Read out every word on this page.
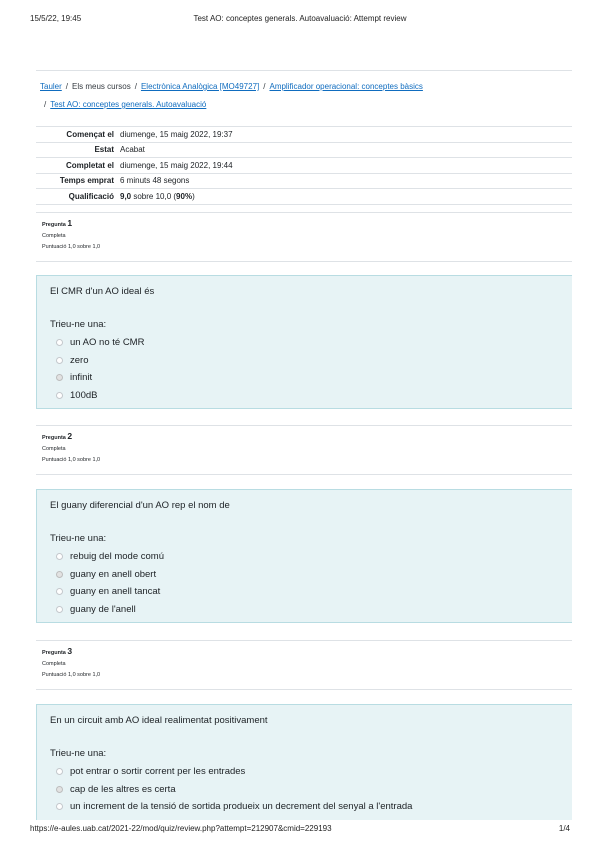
15/5/22, 19:45	Test AO: conceptes generals. Autoavaluació: Attempt review
Tauler / Els meus cursos / Electrònica Analògica [MO49727] / Amplificador operacional: conceptes bàsics
/ Test AO: conceptes generals. Autoavaluació
Començat el diumenge, 15 maig 2022, 19:37
Estat Acabat
Completat el diumenge, 15 maig 2022, 19:44
Temps emprat 6 minuts 48 segons
Qualificació 9,0 sobre 10,0 (90%)
Pregunta 1
Completa
Puntuació 1,0 sobre 1,0
El CMR d'un AO ideal és
Trieu-ne una:
un AO no té CMR
zero
infinit
100dB
Pregunta 2
Completa
Puntuació 1,0 sobre 1,0
El guany diferencial d'un AO rep el nom de
Trieu-ne una:
rebuig del mode comú
guany en anell obert
guany en anell tancat
guany de l'anell
Pregunta 3
Completa
Puntuació 1,0 sobre 1,0
En un circuit amb AO ideal realimentat positivament
Trieu-ne una:
pot entrar o sortir corrent per les entrades
cap de les altres es certa
un increment de la tensió de sortida produeix un decrement del senyal a l'entrada
https://e-aules.uab.cat/2021-22/mod/quiz/review.php?attempt=212907&cmid=229193	1/4
